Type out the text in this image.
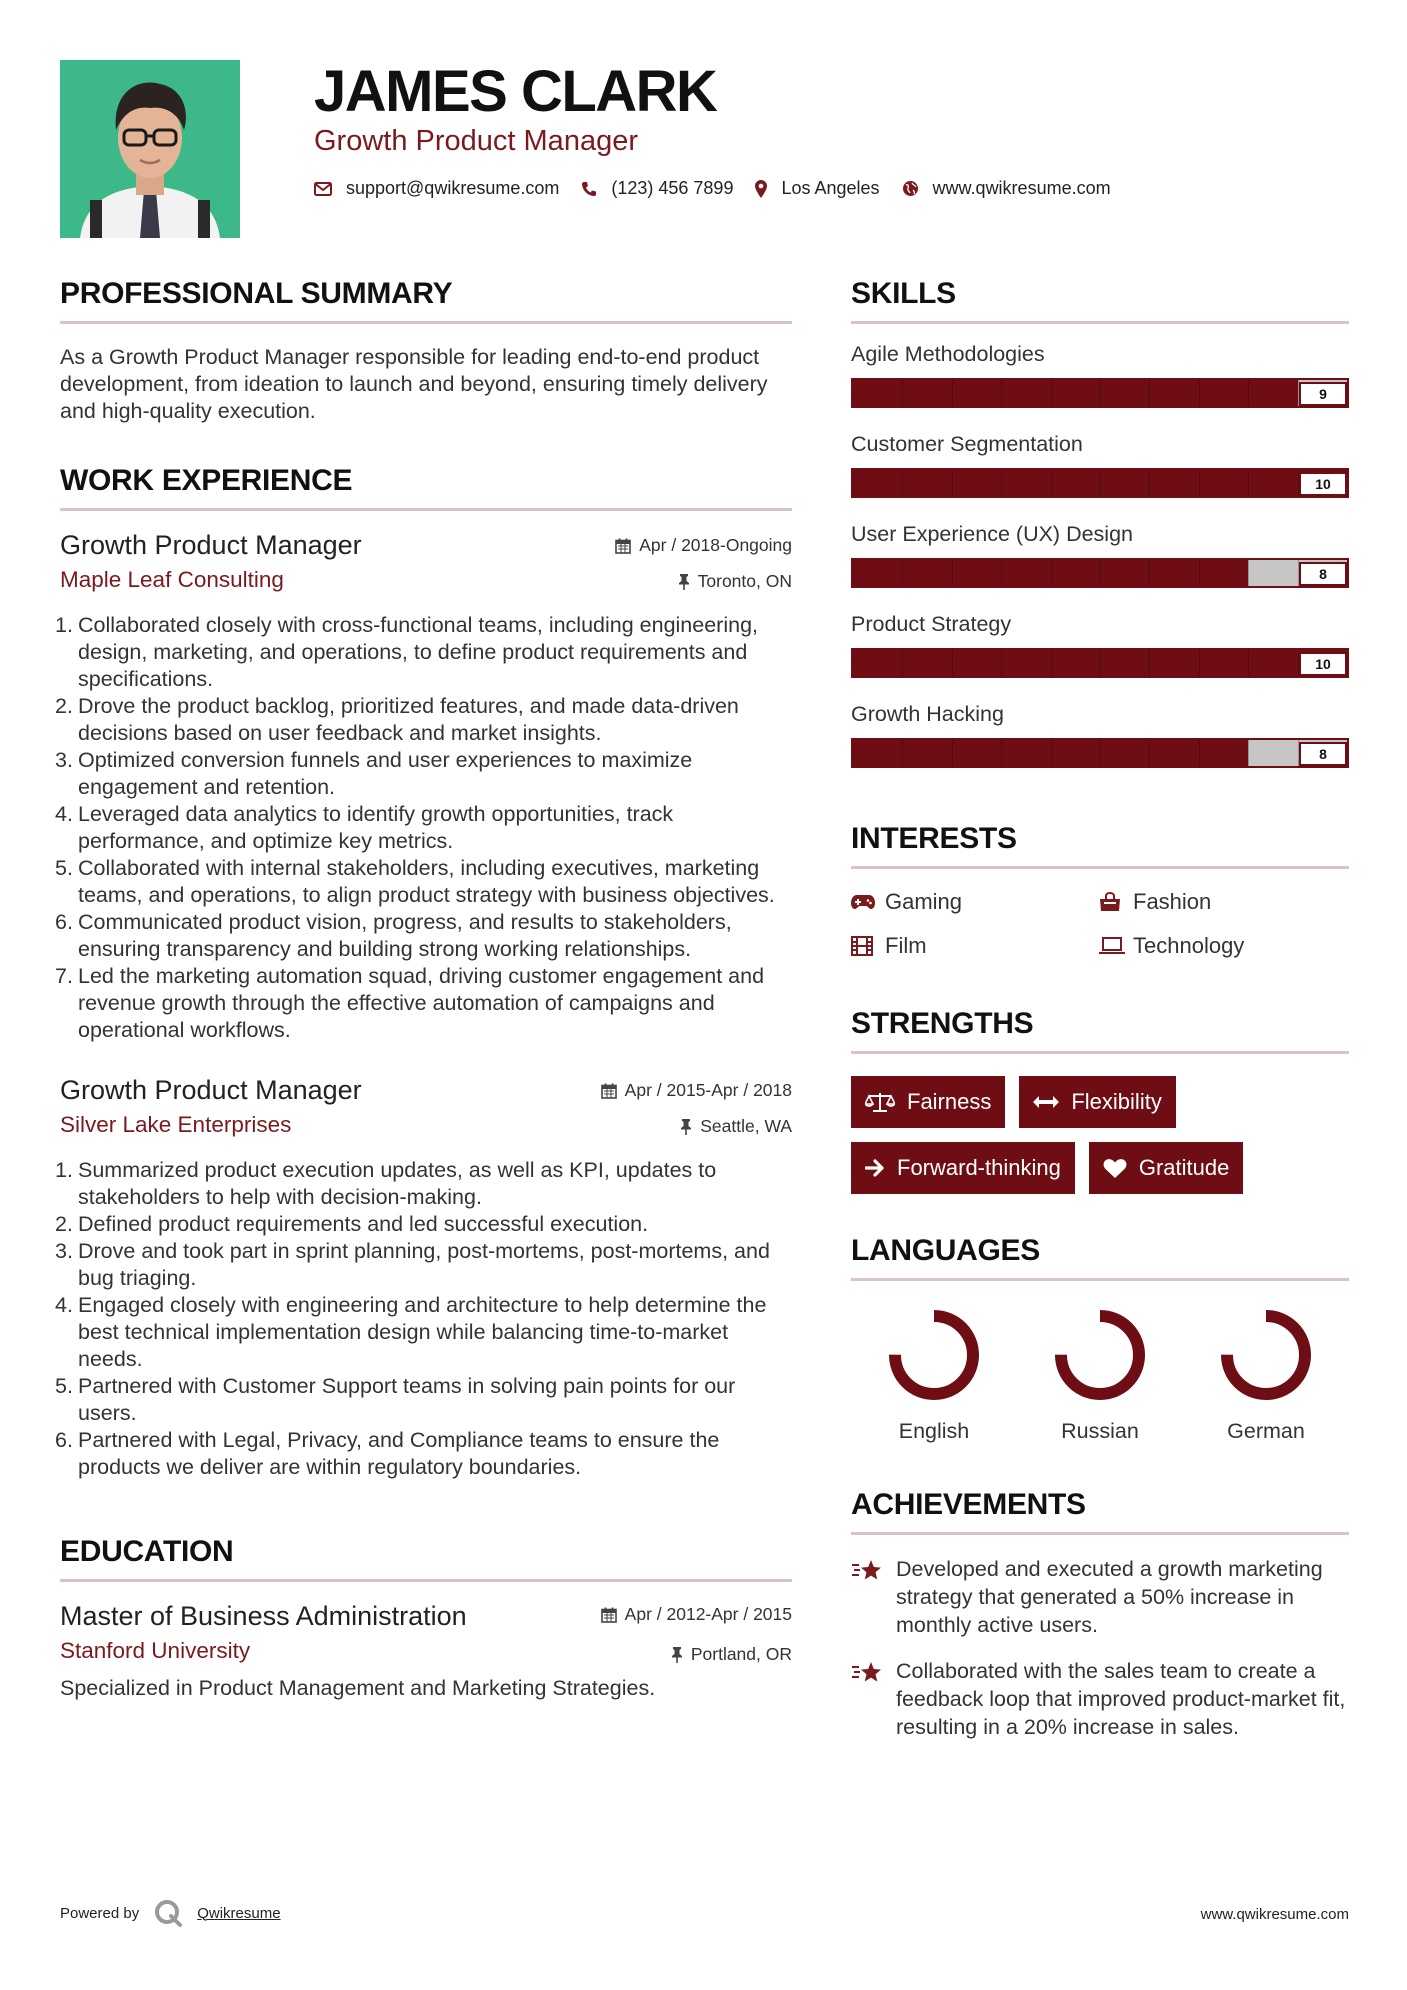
JAMES CLARK
Growth Product Manager
support@qwikresume.com	(123) 456 7899	Los Angeles	www.qwikresume.com
PROFESSIONAL SUMMARY

As a Growth Product Manager responsible for leading end-to-end product development, from ideation to launch and beyond, ensuring timely delivery and high-quality execution.

WORK EXPERIENCE
Apr / 2018-Ongoing
Toronto, ON
Growth Product Manager
Maple Leaf Consulting
1. Collaborated closely with cross-functional teams, including engineering, design, marketing, and operations, to define product requirements and specifications.
2. Drove the product backlog, prioritized features, and made data-driven decisions based on user feedback and market insights.
3. Optimized conversion funnels and user experiences to maximize engagement and retention.
4. Leveraged data analytics to identify growth opportunities, track performance, and optimize key metrics.
5. Collaborated with internal stakeholders, including executives, marketing teams, and operations, to align product strategy with business objectives.
6. Communicated product vision, progress, and results to stakeholders, ensuring transparency and building strong working relationships.
7. Led the marketing automation squad, driving customer engagement and revenue growth through the effective automation of campaigns and operational workflows.
Apr / 2015-Apr / 2018
Seattle, WA
Growth Product Manager
Silver Lake Enterprises
1. Summarized product execution updates, as well as KPI, updates to stakeholders to help with decision-making.
2. Defined product requirements and led successful execution.
3. Drove and took part in sprint planning, post-mortems, post-mortems, and bug triaging.
4. Engaged closely with engineering and architecture to help determine the best technical implementation design while balancing time-to-market needs.
5. Partnered with Customer Support teams in solving pain points for our users.
6. Partnered with Legal, Privacy, and Compliance teams to ensure the products we deliver are within regulatory boundaries.
EDUCATION
Apr / 2012-Apr / 2015
Portland, OR
Master of Business Administration
Stanford University

Specialized in Product Management and Marketing Strategies.

SKILLS
Agile Methodologies
9
Customer Segmentation
10
User Experience (UX) Design
8
Product Strategy
10
Growth Hacking
8
INTERESTS
Gaming	Fashion
Film	Technology
STRENGTHS
Fairness	Flexibility
Forward-thinking	Gratitude
LANGUAGES
English	Russian	German
ACHIEVEMENTS
Developed and executed a growth marketing strategy that generated a 50% increase in monthly active users.
Collaborated with the sales team to create a feedback loop that improved product-market fit, resulting in a 20% increase in sales.
Powered by	Qwikresume	www.qwikresume.com
